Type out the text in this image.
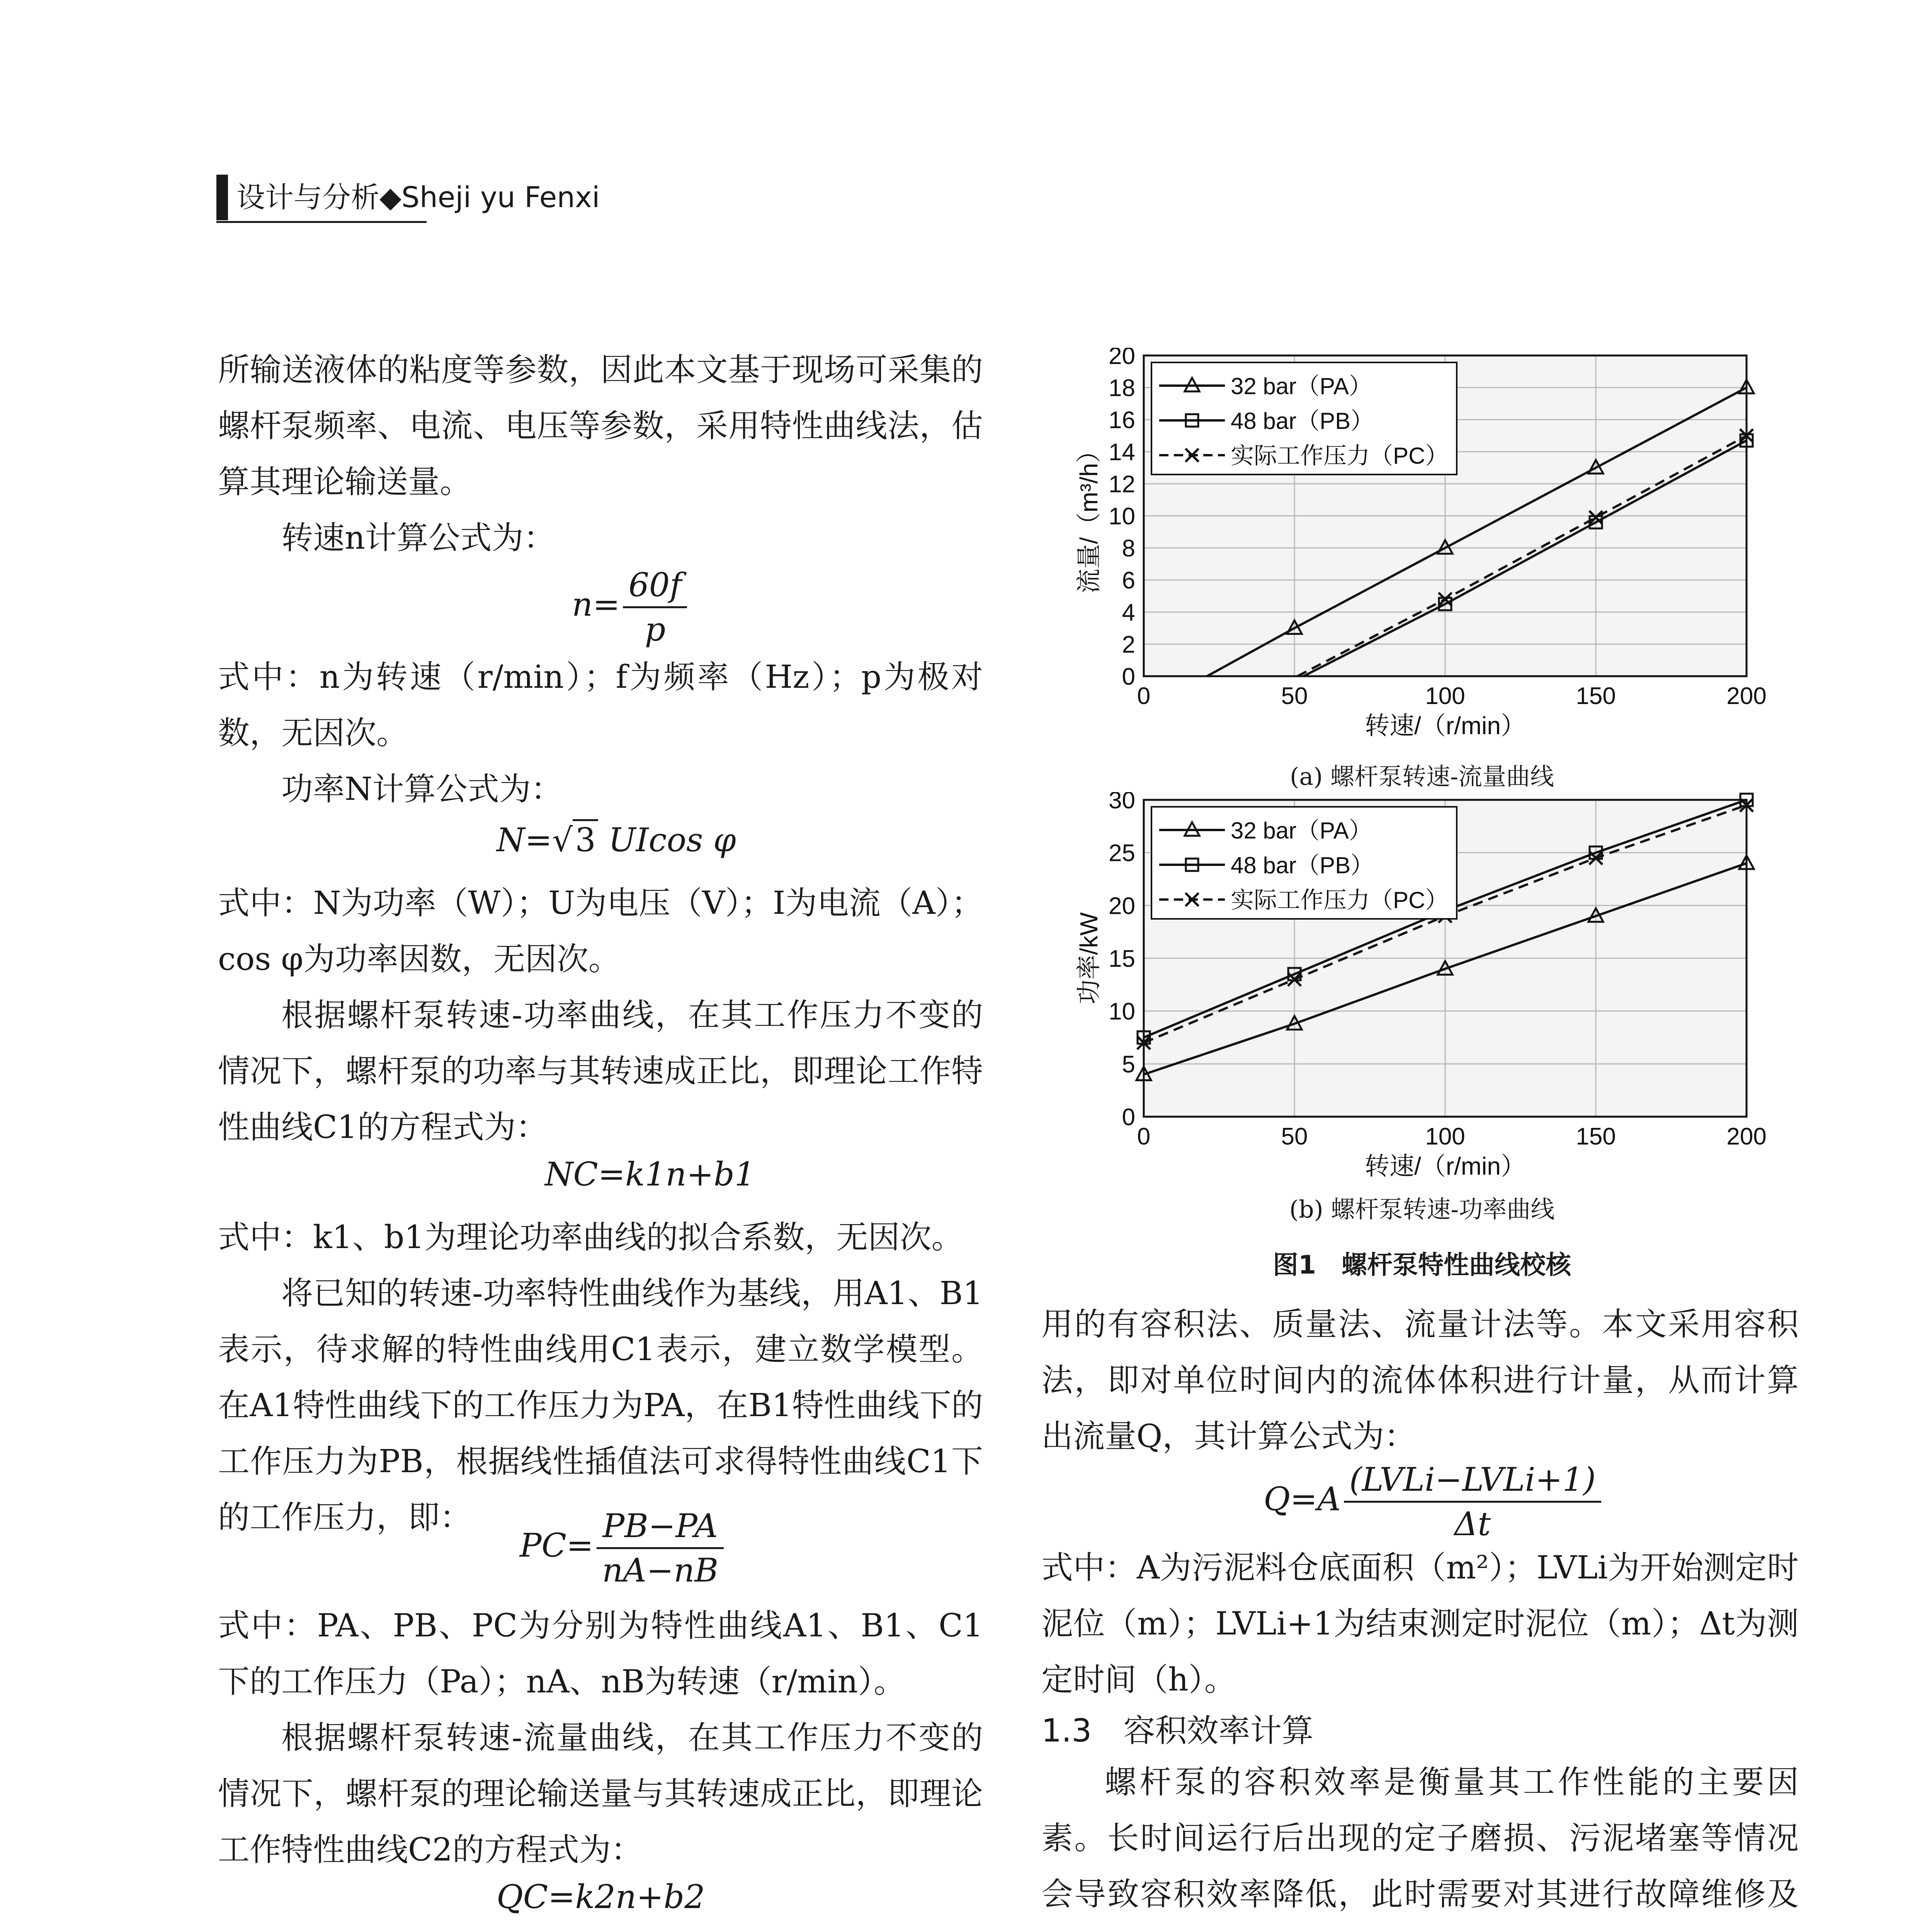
设计与分析◆Sheji yu Fenxi

所输送液体的粘度等参数，因此本文基于现场可采集的螺杆泵频率、电流、电压等参数，采用特性曲线法，估算其理论输送量。

转速n计算公式为：

$n= \frac{60f}{p}$

式中：n为转速（r/min）；f为频率（Hz）；p为极对数，无因次。

功率N计算公式为：

N=√3 UIcos φ

式中：N为功率（W）；U为电压（V）；I为电流（A）；cos φ为功率因数，无因次。

根据螺杆泵转速-功率曲线，在其工作压力不变的情况下，螺杆泵的功率与其转速成正比，即理论工作特性曲线C1的方程式为：

NC=k1n+b1

式中：k1、b1为理论功率曲线的拟合系数，无因次。

将已知的转速-功率特性曲线作为基线，用A1、B1表示，待求解的特性曲线用C1表示，建立数学模型。在A1特性曲线下的工作压力为PA，在B1特性曲线下的工作压力为PB，根据线性插值法可求得特性曲线C1下的工作压力，即：

$PC= \frac{PB-PA}{nA-nB}$

式中：PA、PB、PC为分别为特性曲线A1、B1、C1下的工作压力（Pa）；nA、nB为转速（r/min）。

根据螺杆泵转速-流量曲线，在其工作压力不变的情况下，螺杆泵的理论输送量与其转速成正比，即理论工作特性曲线C2的方程式为：

QC=k2n+b2

0
2
4
6
8
10
12
14
16
18
20
0	50	100	150	200
转速/（r/min）
流量/（m³/h）
32 bar（PA）
48 bar（PB）
实际工作压力（PC）
(a) 螺杆泵转速-流量曲线
0
5
10
15
20
25
30
0	50	100	150	200
转速/（r/min）
功率/kW
32 bar（PA）
48 bar（PB）
实际工作压力（PC）
(b) 螺杆泵转速-功率曲线
图1　螺杆泵特性曲线校核

用的有容积法、质量法、流量计法等。本文采用容积法，即对单位时间内的流体体积进行计量，从而计算出流量Q，其计算公式为：

$Q=A \frac{\text{(LVLi−LVLi+1)}}{\Delta t}$

式中：A为污泥料仓底面积（m²）；LVLi为开始测定时泥位（m）；LVLi+1为结束测定时泥位（m）；Δt为测定时间（h）。

1.3　容积效率计算

螺杆泵的容积效率是衡量其工作性能的主要因素。长时间运行后出现的定子磨损、污泥堵塞等情况会导致容积效率降低，此时需要对其进行故障维修及
